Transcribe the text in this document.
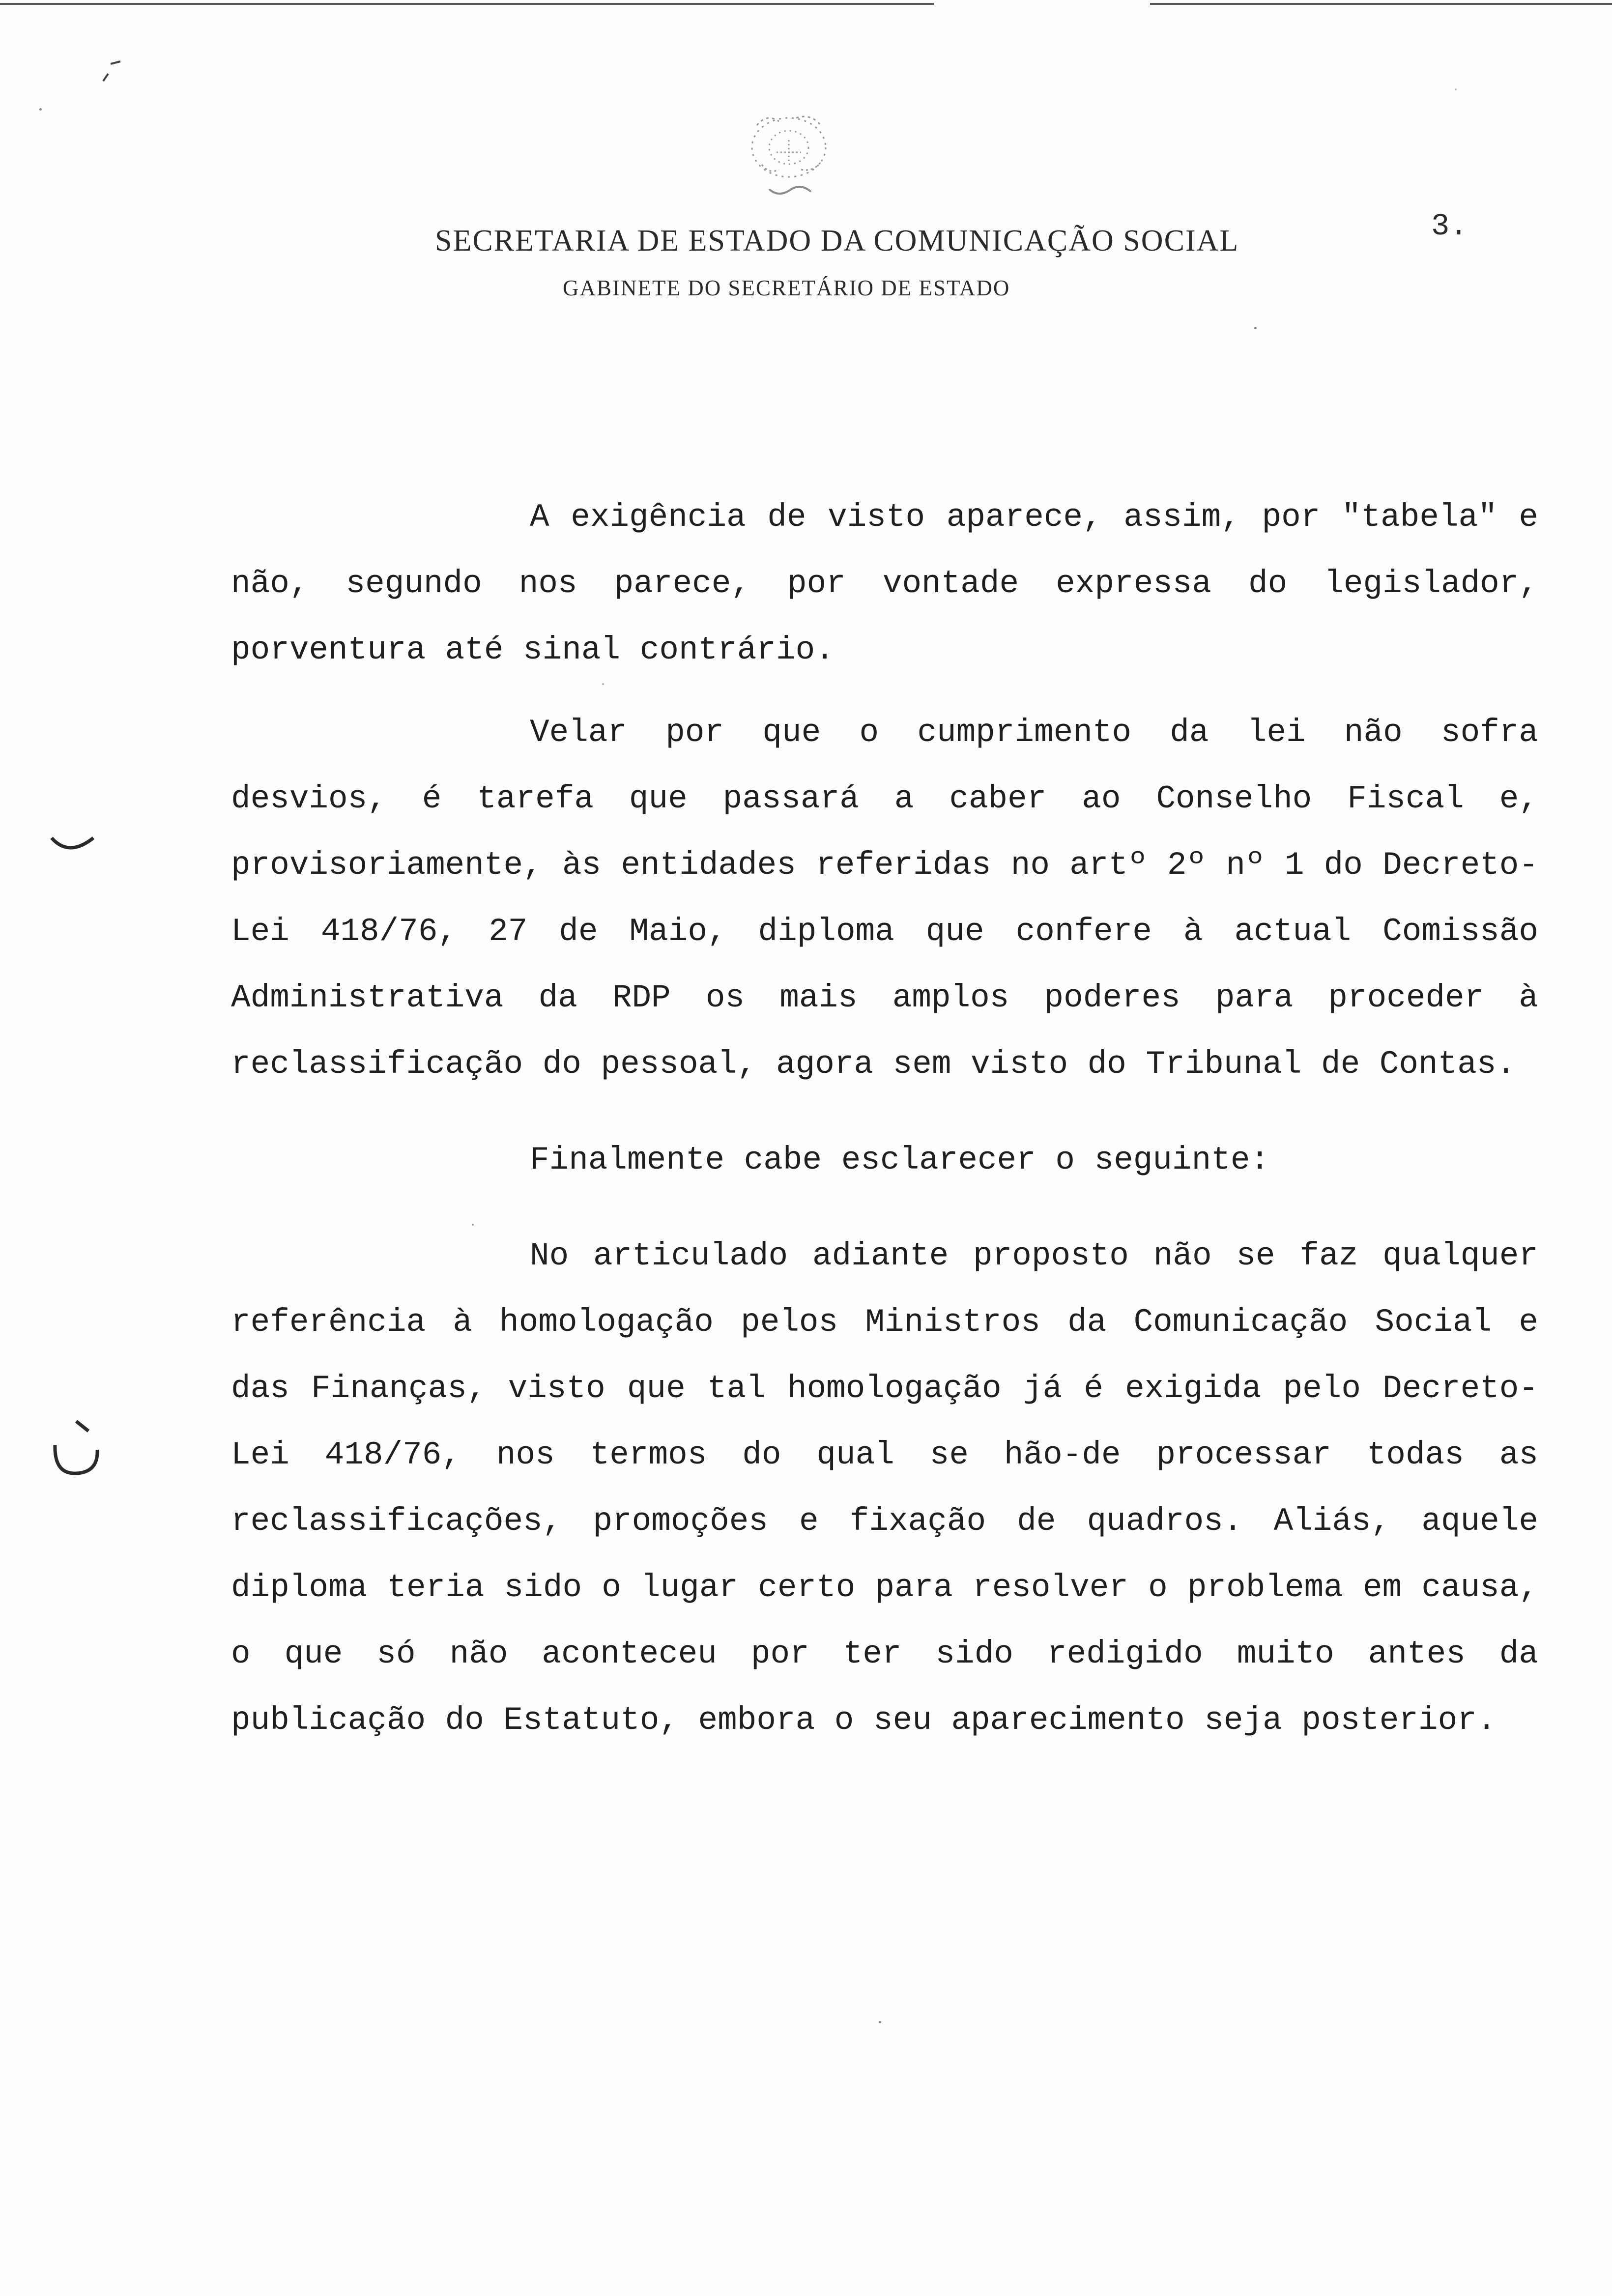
SECRETARIA DE ESTADO DA COMUNICAÇÃO SOCIAL
GABINETE DO SECRETÁRIO DE ESTADO
3.

A exigência de visto aparece, assim, por "tabela" e não, segundo nos parece, por vontade expressa do legislador, porventura até sinal contrário.

Velar por que o cumprimento da lei não sofra desvios, é tarefa que passará a caber ao Conselho Fiscal e, provisoriamente, às entidades referidas no artº 2º nº 1 do Decreto-Lei 418/76, 27 de Maio, diploma que confere à actual Comissão Administrativa da RDP os mais amplos poderes para proceder à reclassificação do pessoal, agora sem visto do Tribunal de Contas.

Finalmente cabe esclarecer o seguinte:

No articulado adiante proposto não se faz qualquer referência à homologação pelos Ministros da Comunicação Social e das Finanças, visto que tal homologação já é exigida pelo Decreto-Lei 418/76, nos termos do qual se hão-de processar todas as reclassificações, promoções e fixação de quadros. Aliás, aquele diploma teria sido o lugar certo para resolver o problema em causa, o que só não aconteceu por ter sido redigido muito antes da publicação do Estatuto, embora o seu aparecimento seja posterior.
